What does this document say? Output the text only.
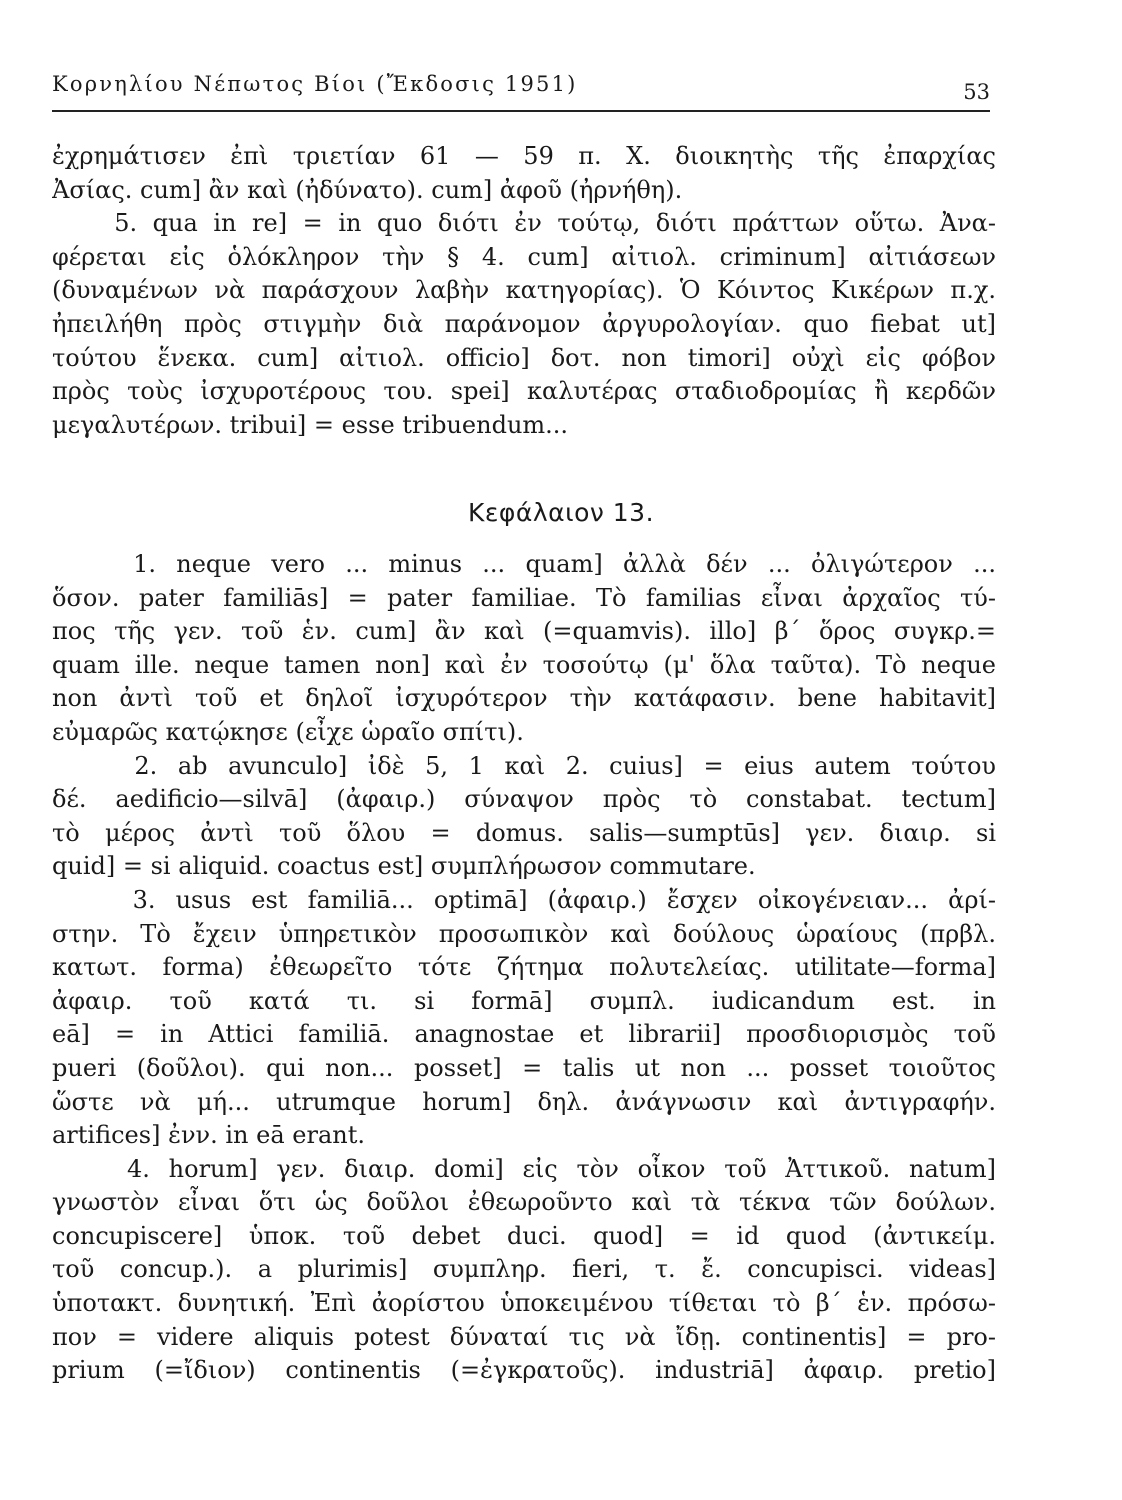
Κορνηλίου Νέπωτος Βίοι (Ἔκδοσις 1951)	53
ἐχρημάτισεν ἐπὶ τριετίαν 61 — 59 π. Χ. διοικητὴς τῆς ἐπαρχίας
Ἀσίας. cum] ἂν καὶ (ἠδύνατο). cum] ἀφοῦ (ἠρνήθη).
5. qua in re] = in quo διότι ἐν τούτῳ, διότι πράττων οὕτω. Ἀνα-
φέρεται εἰς ὁλόκληρον τὴν § 4. cum] αἰτιολ. criminum] αἰτιάσεων
(δυναμένων νὰ παράσχουν λαβὴν κατηγορίας). Ὁ Κόιντος Κικέρων π.χ.
ἠπειλήθη πρὸς στιγμὴν διὰ παράνομον ἀργυρολογίαν. quo fiebat ut]
τούτου ἕνεκα. cum] αἰτιολ. officio] δοτ. non timori] οὐχὶ εἰς φόβον
πρὸς τοὺς ἰσχυροτέρους του. spei] καλυτέρας σταδιοδρομίας ἢ κερδῶν
μεγαλυτέρων. tribui] = esse tribuendum...
Κεφάλαιον 13.
1. neque vero ... minus ... quam] ἀλλὰ δέν ... ὀλιγώτερον ...
ὅσον. pater familiās] = pater familiae. Τὸ familias εἶναι ἀρχαῖος τύ-
πος τῆς γεν. τοῦ ἑν. cum] ἂν καὶ (=quamvis). illo] β΄ ὅρος συγκρ.=
quam ille. neque tamen non] καὶ ἐν τοσούτῳ (μ' ὅλα ταῦτα). Τὸ neque
non ἀντὶ τοῦ et δηλοῖ ἰσχυρότερον τὴν κατάφασιν. bene habitavit]
εὐμαρῶς κατῴκησε (εἶχε ὡραῖο σπίτι).
2. ab avunculo] ἰδὲ 5, 1 καὶ 2. cuius] = eius autem τούτου
δέ. aedificio—silvā] (ἀφαιρ.) σύναψον πρὸς τὸ constabat. tectum]
τὸ μέρος ἀντὶ τοῦ ὅλου = domus. salis—sumptūs] γεν. διαιρ. si
quid] = si aliquid. coactus est] συμπλήρωσον commutare.
3. usus est familiā... optimā] (ἀφαιρ.) ἔσχεν οἰκογένειαν... ἀρί-
στην. Τὸ ἔχειν ὑπηρετικὸν προσωπικὸν καὶ δούλους ὡραίους (πρβλ.
κατωτ. forma) ἐθεωρεῖτο τότε ζήτημα πολυτελείας. utilitate—forma]
ἀφαιρ. τοῦ κατά τι. si formā] συμπλ. iudicandum est. in
eā] = in Attici familiā. anagnostae et librarii] προσδιορισμὸς τοῦ
pueri (δοῦλοι). qui non... posset] = talis ut non ... posset τοιοῦτος
ὥστε νὰ μή... utrumque horum] δηλ. ἀνάγνωσιν καὶ ἀντιγραφήν.
artifices] ἐνν. in eā erant.
4. horum] γεν. διαιρ. domi] εἰς τὸν οἶκον τοῦ Ἀττικοῦ. natum]
γνωστὸν εἶναι ὅτι ὡς δοῦλοι ἐθεωροῦντο καὶ τὰ τέκνα τῶν δούλων.
concupiscere] ὑποκ. τοῦ debet duci. quod] = id quod (ἀντικείμ.
τοῦ concup.). a plurimis] συμπληρ. fieri, τ. ἔ. concupisci. videas]
ὑποτακτ. δυνητική. Ἐπὶ ἀορίστου ὑποκειμένου τίθεται τὸ β΄ ἑν. πρόσω-
πον = videre aliquis potest δύναταί τις νὰ ἴδῃ. continentis] = pro-
prium (=ἴδιον) continentis (=ἐγκρατοῦς). industriā] ἀφαιρ. pretio]
